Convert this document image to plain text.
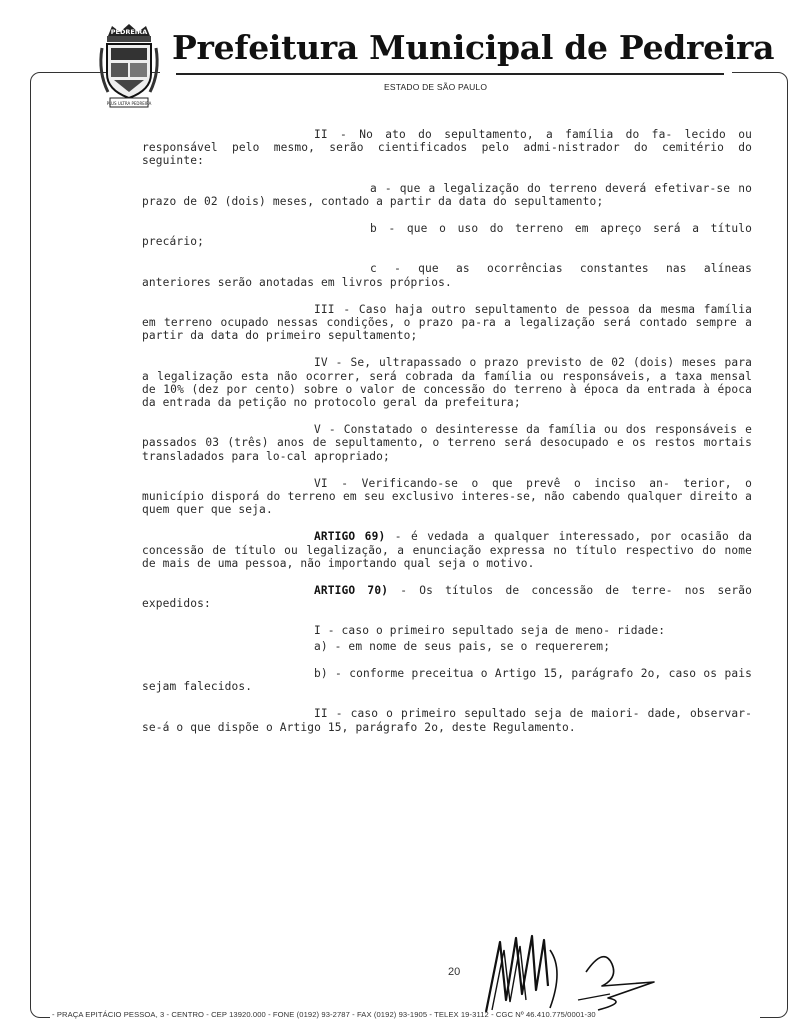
PEDREIRA
PLUS ULTRA PEDREIRA
Prefeitura Municipal de Pedreira
ESTADO DE SÃO PAULO

II - No ato do sepultamento, a família do fa- lecido ou responsável pelo mesmo, serão cientificados pelo admi-nistrador do cemitério do seguinte:

a - que a legalização do terreno deverá efetivar-se no prazo de 02 (dois) meses, contado a partir da data do sepultamento;

b - que o uso do terreno em apreço será a título precário;

c - que as ocorrências constantes nas alíneas anteriores serão anotadas em livros próprios.

III - Caso haja outro sepultamento de pessoa da mesma família em terreno ocupado nessas condições, o prazo pa-ra a legalização será contado sempre a partir da data do primeiro sepultamento;

IV - Se, ultrapassado o prazo previsto de 02 (dois) meses para a legalização esta não ocorrer, será cobrada da família ou responsáveis, a taxa mensal de 10% (dez por cento) sobre o valor de concessão do terreno à época da entrada à época da entrada da petição no protocolo geral da prefeitura;

V - Constatado o desinteresse da família ou dos responsáveis e passados 03 (três) anos de sepultamento, o terreno será desocupado e os restos mortais transladados para lo-cal apropriado;

VI - Verificando-se o que prevê o inciso an- terior, o município disporá do terreno em seu exclusivo interes-se, não cabendo qualquer direito a quem quer que seja.

ARTIGO 69) - é vedada a qualquer interessado, por ocasião da concessão de título ou legalização, a enunciação expressa no título respectivo do nome de mais de uma pessoa, não importando qual seja o motivo.

ARTIGO 70) - Os títulos de concessão de terre- nos serão expedidos:

I - caso o primeiro sepultado seja de meno- ridade:

a) - em nome de seus pais, se o requererem;

b) - conforme preceitua o Artigo 15, parágrafo 2o, caso os pais sejam falecidos.

II - caso o primeiro sepultado seja de maiori- dade, observar-se-á o que dispõe o Artigo 15, parágrafo 2o, deste Regulamento.

20
- PRAÇA EPITÁCIO PESSOA, 3 - CENTRO - CEP 13920.000 - FONE (0192) 93-2787 - FAX (0192) 93-1905 - TELEX 19-3112 - CGC Nº 46.410.775/0001-30
